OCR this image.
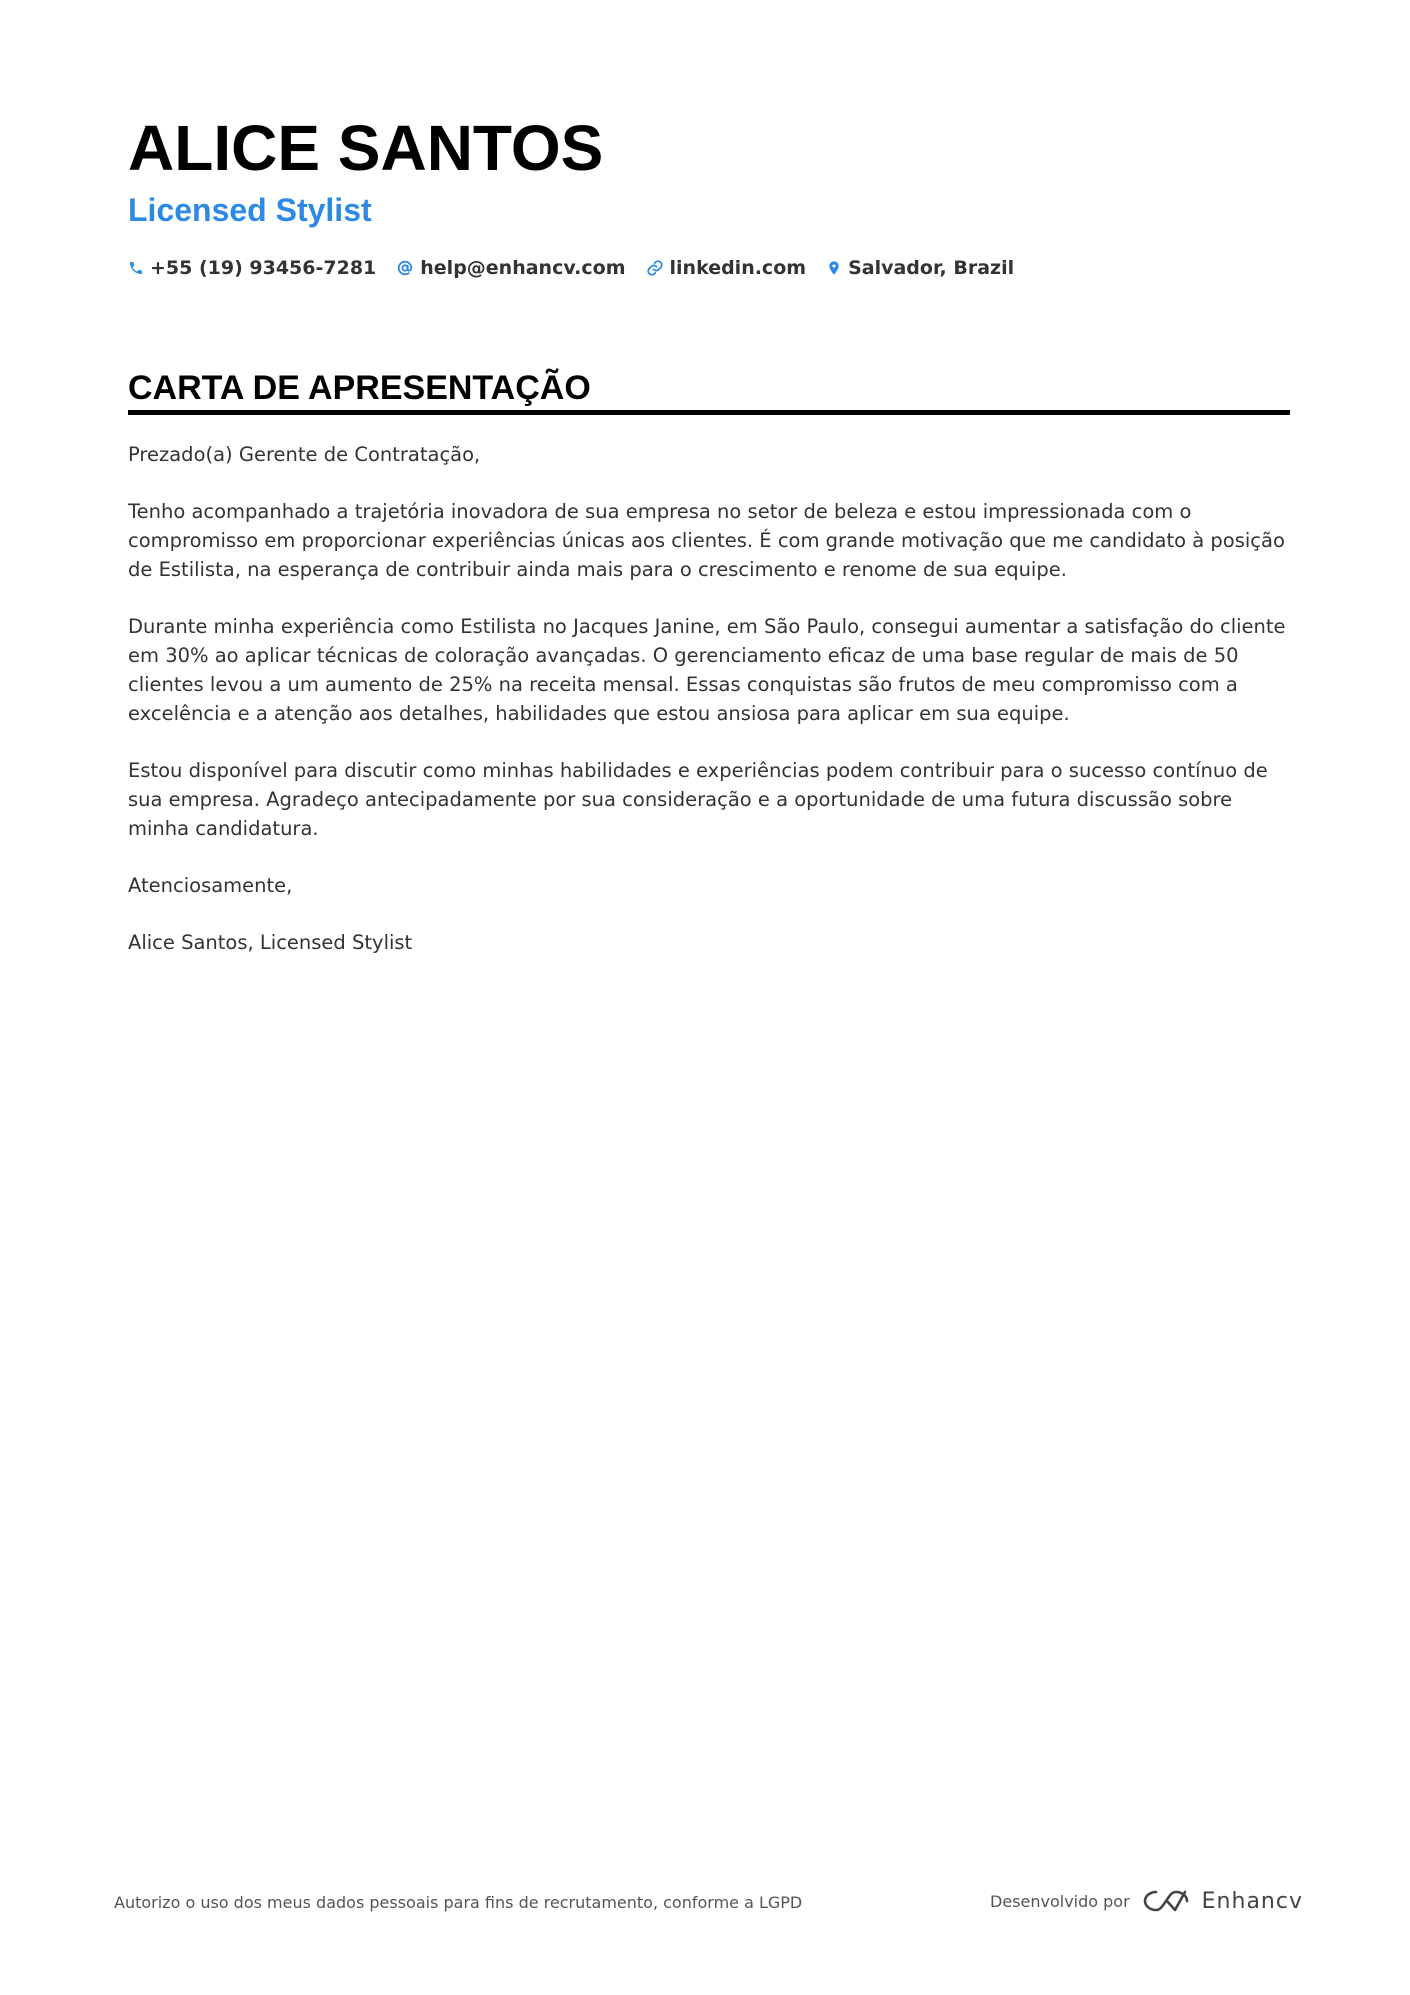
ALICE SANTOS
Licensed Stylist
+55 (19) 93456-7281 help@enhancv.com linkedin.com Salvador, Brazil
CARTA DE APRESENTAÇÃO

Prezado(a) Gerente de Contratação,

Tenho acompanhado a trajetória inovadora de sua empresa no setor de beleza e estou impressionada com o compromisso em proporcionar experiências únicas aos clientes. É com grande motivação que me candidato à posição de Estilista, na esperança de contribuir ainda mais para o crescimento e renome de sua equipe.

Durante minha experiência como Estilista no Jacques Janine, em São Paulo, consegui aumentar a satisfação do cliente em 30% ao aplicar técnicas de coloração avançadas. O gerenciamento eficaz de uma base regular de mais de 50 clientes levou a um aumento de 25% na receita mensal. Essas conquistas são frutos de meu compromisso com a excelência e a atenção aos detalhes, habilidades que estou ansiosa para aplicar em sua equipe.

Estou disponível para discutir como minhas habilidades e experiências podem contribuir para o sucesso contínuo de sua empresa. Agradeço antecipadamente por sua consideração e a oportunidade de uma futura discussão sobre minha candidatura.

Atenciosamente,

Alice Santos, Licensed Stylist

Autorizo o uso dos meus dados pessoais para fins de recrutamento, conforme a LGPD	Desenvolvido por	Enhancv
